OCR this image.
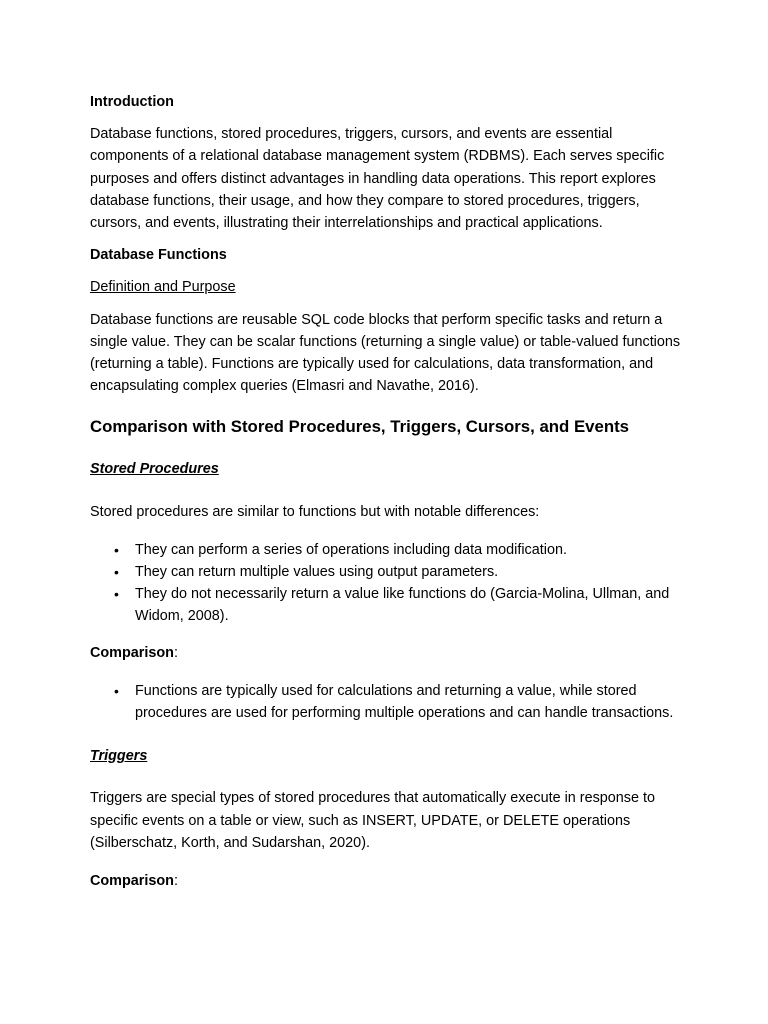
Introduction

Database functions, stored procedures, triggers, cursors, and events are essential components of a relational database management system (RDBMS). Each serves specific purposes and offers distinct advantages in handling data operations. This report explores database functions, their usage, and how they compare to stored procedures, triggers, cursors, and events, illustrating their interrelationships and practical applications.

Database Functions

Definition and Purpose

Database functions are reusable SQL code blocks that perform specific tasks and return a single value. They can be scalar functions (returning a single value) or table-valued functions (returning a table). Functions are typically used for calculations, data transformation, and encapsulating complex queries (Elmasri and Navathe, 2016).

Comparison with Stored Procedures, Triggers, Cursors, and Events

Stored Procedures

Stored procedures are similar to functions but with notable differences:

• They can perform a series of operations including data modification.
• They can return multiple values using output parameters.
• They do not necessarily return a value like functions do (Garcia-Molina, Ullman, and Widom, 2008).

Comparison:

• Functions are typically used for calculations and returning a value, while stored procedures are used for performing multiple operations and can handle transactions.

Triggers

Triggers are special types of stored procedures that automatically execute in response to specific events on a table or view, such as INSERT, UPDATE, or DELETE operations (Silberschatz, Korth, and Sudarshan, 2020).

Comparison:
